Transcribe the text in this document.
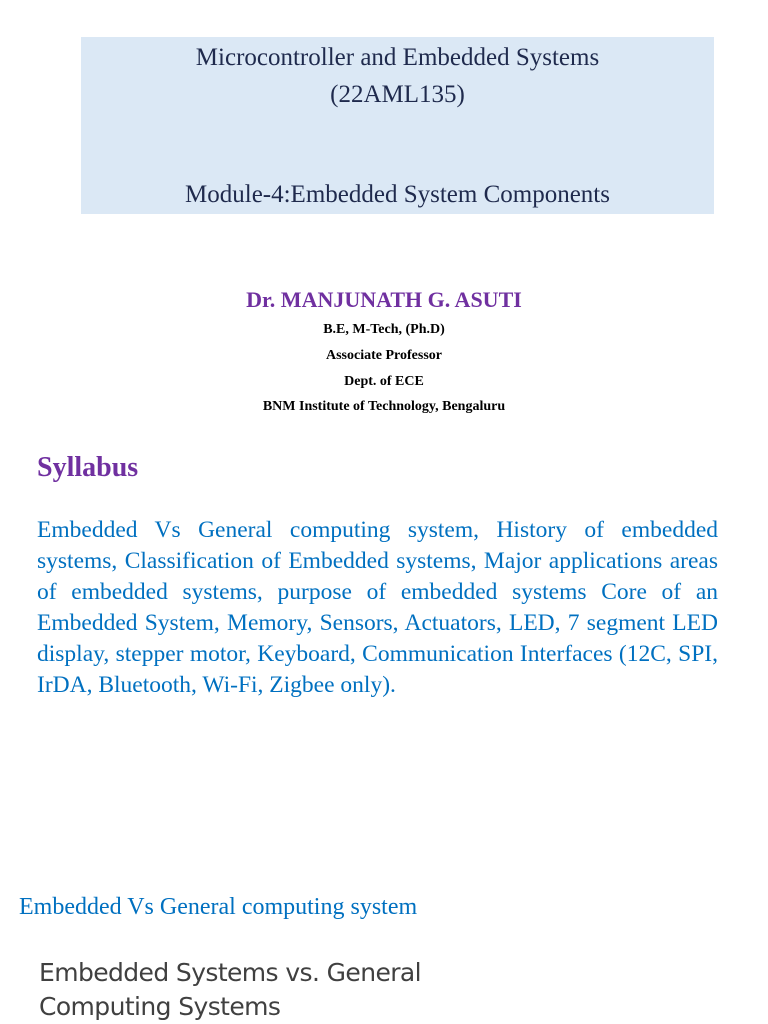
Microcontroller and Embedded Systems
(22AML135)
Module-4:Embedded System Components
Dr. MANJUNATH G. ASUTI
B.E, M-Tech, (Ph.D)
Associate Professor
Dept. of ECE
BNM Institute of Technology, Bengaluru
Syllabus
Embedded Vs General computing system, History of embedded systems, Classification of Embedded systems, Major applications areas of embedded systems, purpose of embedded systems Core of an Embedded System, Memory, Sensors, Actuators, LED, 7 segment LED display, stepper motor, Keyboard, Communication Interfaces (12C, SPI, IrDA, Bluetooth, Wi-Fi, Zigbee only).
Embedded Vs General computing system
Embedded Systems vs. General Computing Systems
